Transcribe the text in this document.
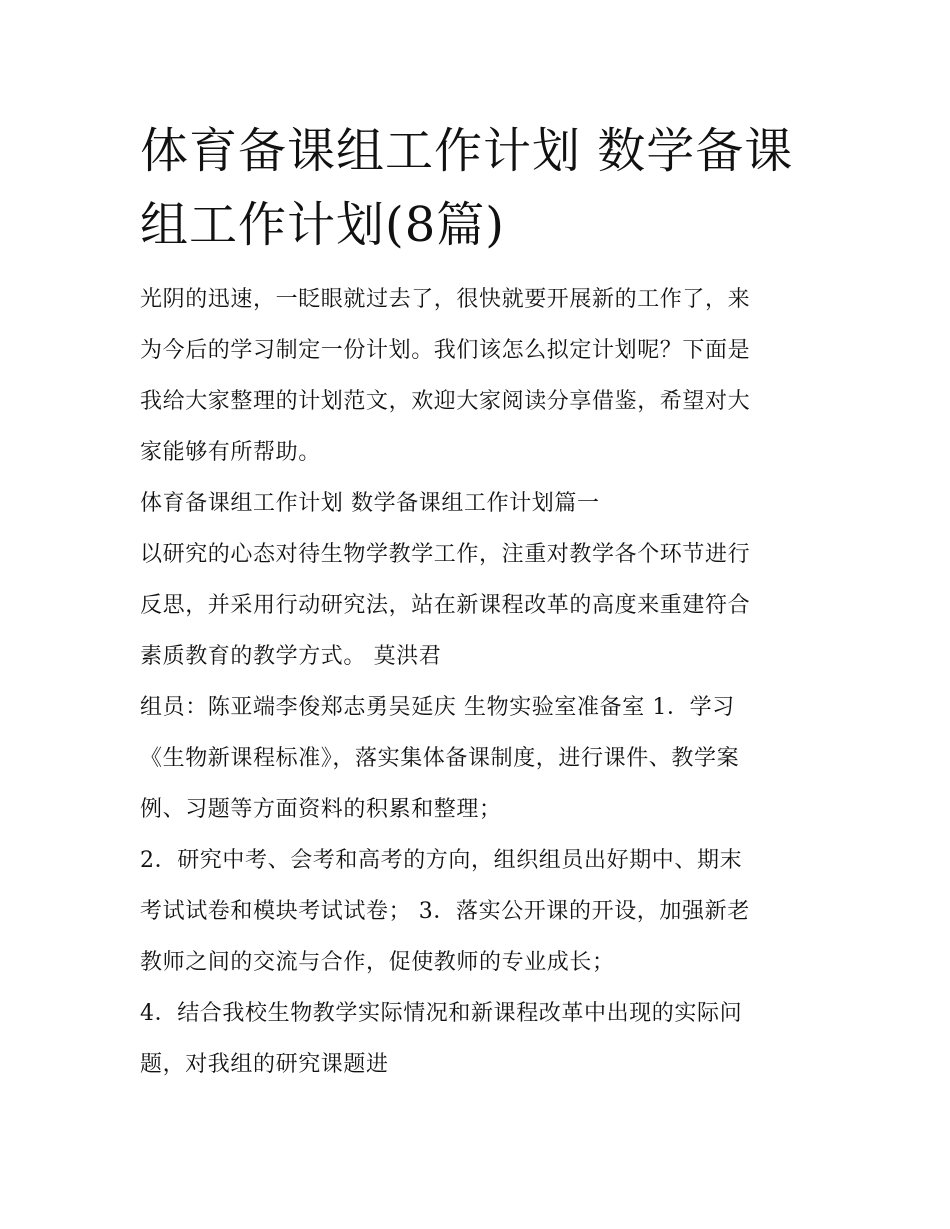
体育备课组工作计划 数学备课
组工作计划(8篇)
光阴的迅速，一眨眼就过去了，很快就要开展新的工作了，来
为今后的学习制定一份计划。我们该怎么拟定计划呢？下面是
我给大家整理的计划范文，欢迎大家阅读分享借鉴，希望对大
家能够有所帮助。
体育备课组工作计划 数学备课组工作计划篇一
以研究的心态对待生物学教学工作，注重对教学各个环节进行
反思，并采用行动研究法，站在新课程改革的高度来重建符合
素质教育的教学方式。 莫洪君
组员：陈亚端李俊郑志勇吴延庆 生物实验室准备室 1．学习
《生物新课程标准》，落实集体备课制度，进行课件、教学案
例、习题等方面资料的积累和整理；
2．研究中考、会考和高考的方向，组织组员出好期中、期末
考试试卷和模块考试试卷； 3．落实公开课的开设，加强新老
教师之间的交流与合作，促使教师的专业成长；
4．结合我校生物教学实际情况和新课程改革中出现的实际问
题，对我组的研究课题进
